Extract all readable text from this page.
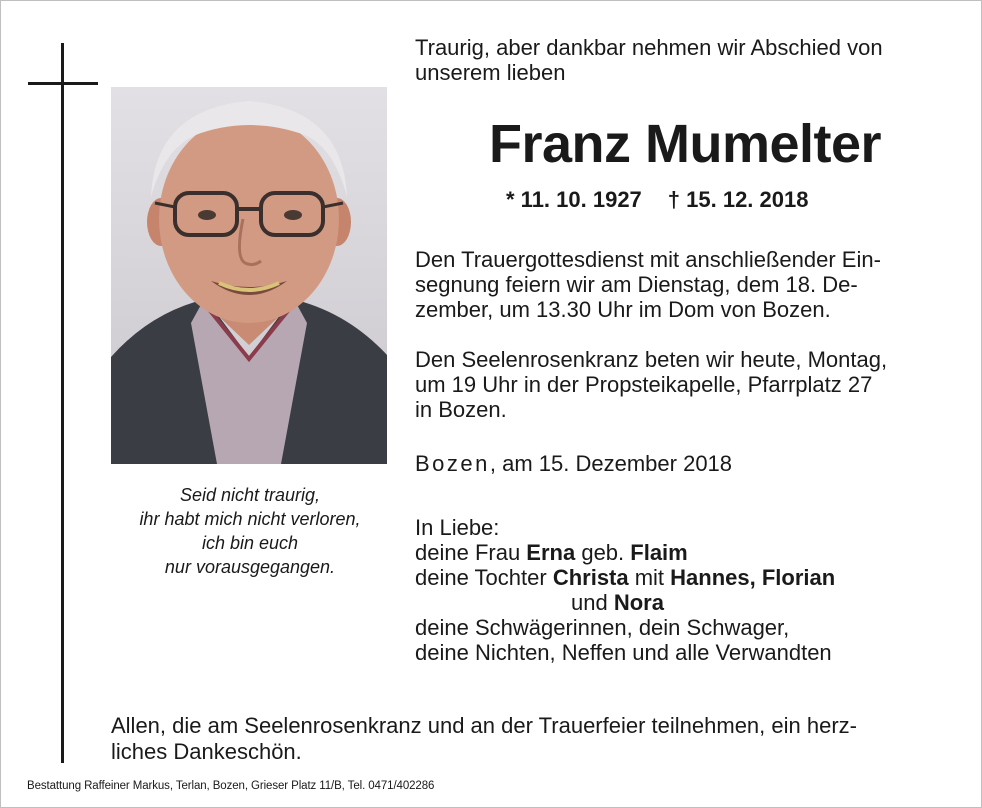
Seid nicht traurig,
ihr habt mich nicht verloren,
ich bin euch
nur vorausgegangen.
Traurig, aber dankbar nehmen wir Abschied von
unserem lieben
Franz Mumelter
* 11. 10. 1927 † 15. 12. 2018
Den Trauergottesdienst mit anschließender Ein-
segnung feiern wir am Dienstag, dem 18. De-
zember, um 13.30 Uhr im Dom von Bozen.
Den Seelenrosenkranz beten wir heute, Montag,
um 19 Uhr in der Propsteikapelle, Pfarrplatz 27
in Bozen.
Bozen, am 15. Dezember 2018
In Liebe:
deine Frau Erna geb. Flaim
deine Tochter Christa mit Hannes, Florian
und Nora
deine Schwägerinnen, dein Schwager,
deine Nichten, Neffen und alle Verwandten
Allen, die am Seelenrosenkranz und an der Trauerfeier teilnehmen, ein herz-
liches Dankeschön.
Bestattung Raffeiner Markus, Terlan, Bozen, Grieser Platz 11/B, Tel. 0471/402286
